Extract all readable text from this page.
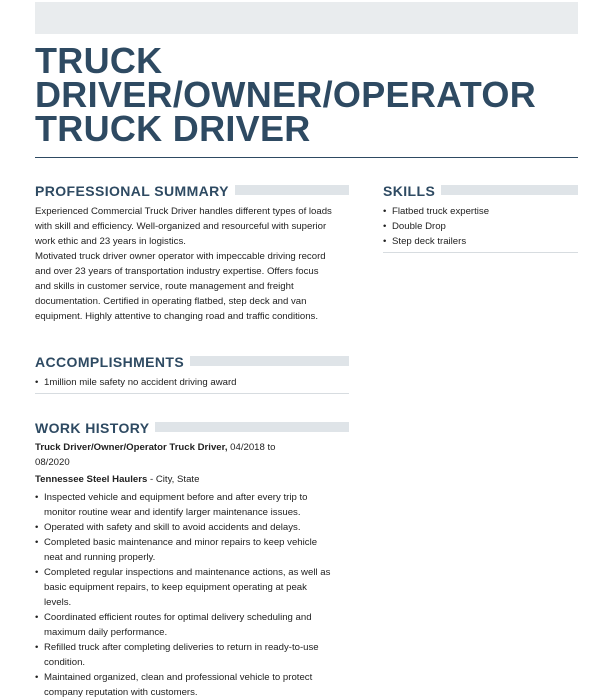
TRUCK
DRIVER/OWNER/OPERATOR
TRUCK DRIVER
PROFESSIONAL SUMMARY

Experienced Commercial Truck Driver handles different types of loads

with skill and efficiency. Well-organized and resourceful with superior

work ethic and 23 years in logistics.

Motivated truck driver owner operator with impeccable driving record

and over 23 years of transportation industry expertise. Offers focus

and skills in customer service, route management and freight

documentation. Certified in operating flatbed, step deck and van

equipment. Highly attentive to changing road and traffic conditions.

SKILLS
• Flatbed truck expertise
• Double Drop
• Step deck trailers
ACCOMPLISHMENTS
• 1million mile safety no accident driving award
WORK HISTORY
Truck Driver/Owner/Operator Truck Driver, 04/2018 to
08/2020
Tennessee Steel Haulers - City, State
• Inspected vehicle and equipment before and after every trip to
monitor routine wear and identify larger maintenance issues.
• Operated with safety and skill to avoid accidents and delays.
• Completed basic maintenance and minor repairs to keep vehicle
neat and running properly.
• Completed regular inspections and maintenance actions, as well as
basic equipment repairs, to keep equipment operating at peak
levels.
• Coordinated efficient routes for optimal delivery scheduling and
maximum daily performance.
• Refilled truck after completing deliveries to return in ready-to-use
condition.
• Maintained organized, clean and professional vehicle to protect
company reputation with customers.
